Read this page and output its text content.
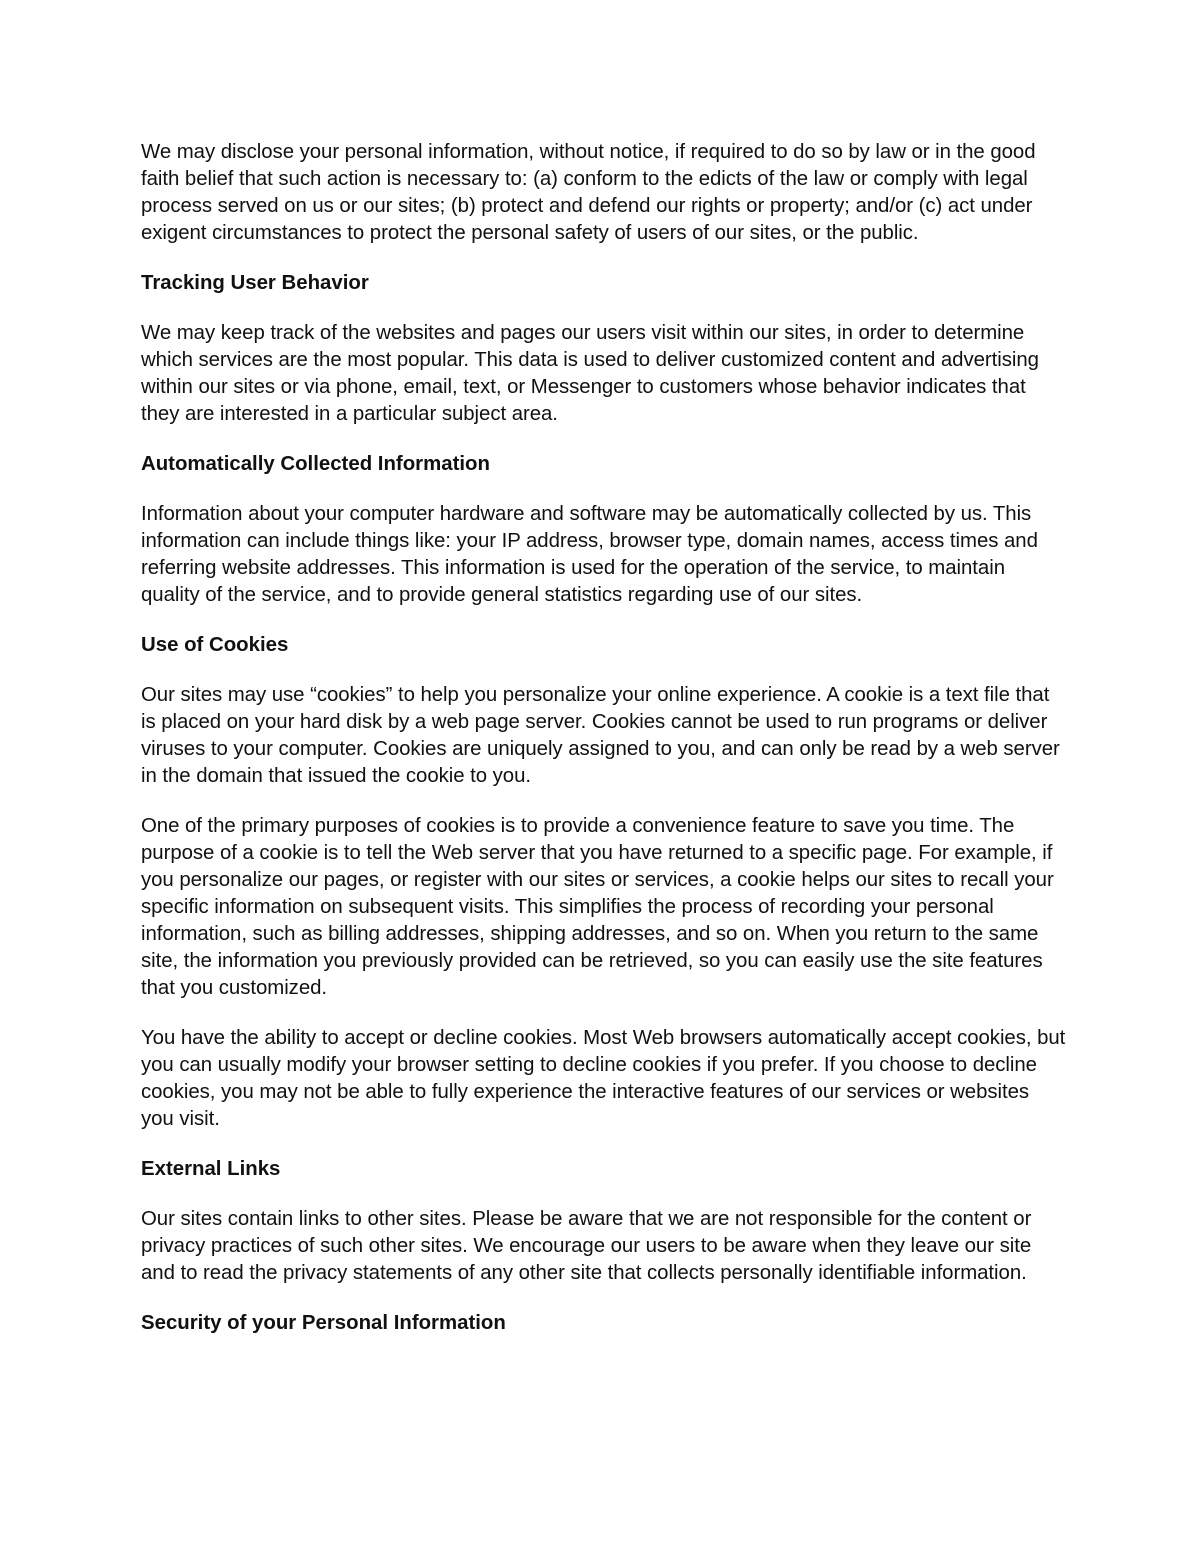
We may disclose your personal information, without notice, if required to do so by law or in the good faith belief that such action is necessary to: (a) conform to the edicts of the law or comply with legal process served on us or our sites; (b) protect and defend our rights or property; and/or (c) act under exigent circumstances to protect the personal safety of users of our sites, or the public.

Tracking User Behavior

We may keep track of the websites and pages our users visit within our sites, in order to determine which services are the most popular. This data is used to deliver customized content and advertising within our sites or via phone, email, text, or Messenger to customers whose behavior indicates that they are interested in a particular subject area.

Automatically Collected Information

Information about your computer hardware and software may be automatically collected by us. This information can include things like: your IP address, browser type, domain names, access times and referring website addresses. This information is used for the operation of the service, to maintain quality of the service, and to provide general statistics regarding use of our sites.

Use of Cookies

Our sites may use “cookies” to help you personalize your online experience. A cookie is a text file that is placed on your hard disk by a web page server. Cookies cannot be used to run programs or deliver viruses to your computer. Cookies are uniquely assigned to you, and can only be read by a web server in the domain that issued the cookie to you.

One of the primary purposes of cookies is to provide a convenience feature to save you time. The purpose of a cookie is to tell the Web server that you have returned to a specific page. For example, if you personalize our pages, or register with our sites or services, a cookie helps our sites to recall your specific information on subsequent visits. This simplifies the process of recording your personal information, such as billing addresses, shipping addresses, and so on. When you return to the same site, the information you previously provided can be retrieved, so you can easily use the site features that you customized.

You have the ability to accept or decline cookies. Most Web browsers automatically accept cookies, but you can usually modify your browser setting to decline cookies if you prefer. If you choose to decline cookies, you may not be able to fully experience the interactive features of our services or websites you visit.

External Links

Our sites contain links to other sites. Please be aware that we are not responsible for the content or privacy practices of such other sites. We encourage our users to be aware when they leave our site and to read the privacy statements of any other site that collects personally identifiable information.

Security of your Personal Information
